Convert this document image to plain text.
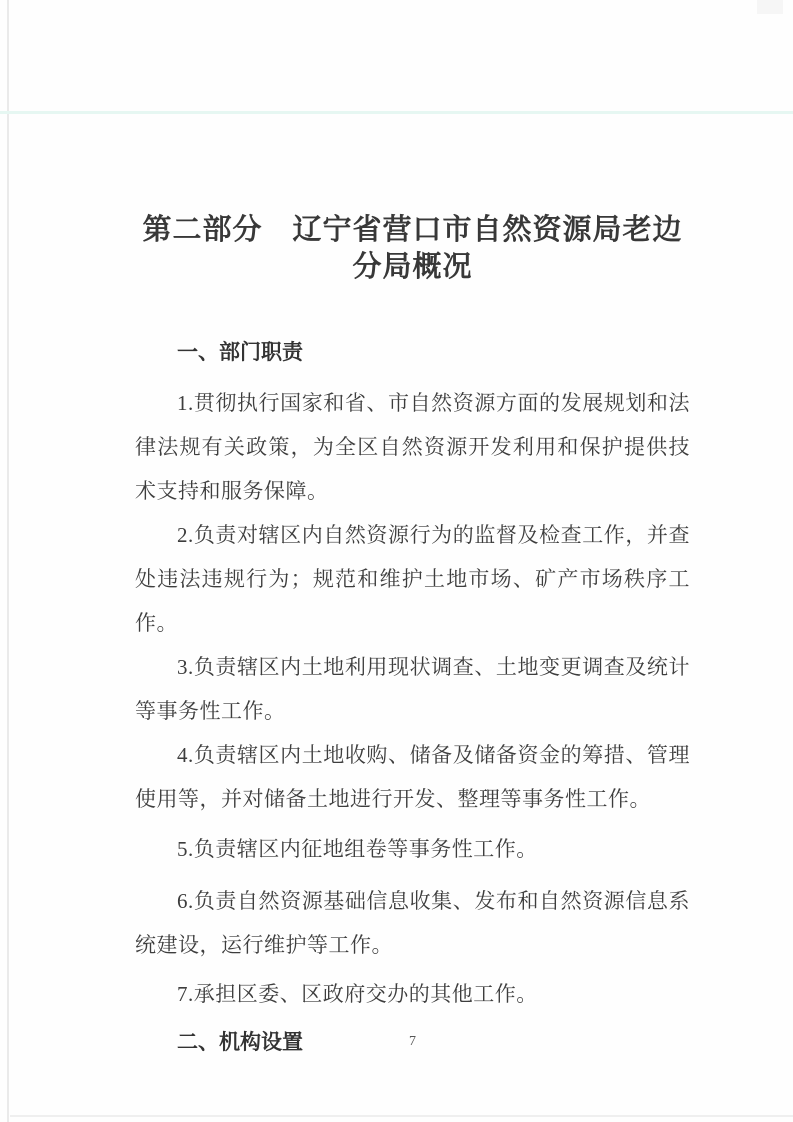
第二部分　辽宁省营口市自然资源局老边分局概况
一、部门职责

1.贯彻执行国家和省、市自然资源方面的发展规划和法律法规有关政策，为全区自然资源开发利用和保护提供技术支持和服务保障。

2.负责对辖区内自然资源行为的监督及检查工作，并查处违法违规行为；规范和维护土地市场、矿产市场秩序工作。

3.负责辖区内土地利用现状调查、土地变更调查及统计等事务性工作。

4.负责辖区内土地收购、储备及储备资金的筹措、管理使用等，并对储备土地进行开发、整理等事务性工作。

5.负责辖区内征地组卷等事务性工作。

6.负责自然资源基础信息收集、发布和自然资源信息系统建设，运行维护等工作。

7.承担区委、区政府交办的其他工作。

二、机构设置	7
